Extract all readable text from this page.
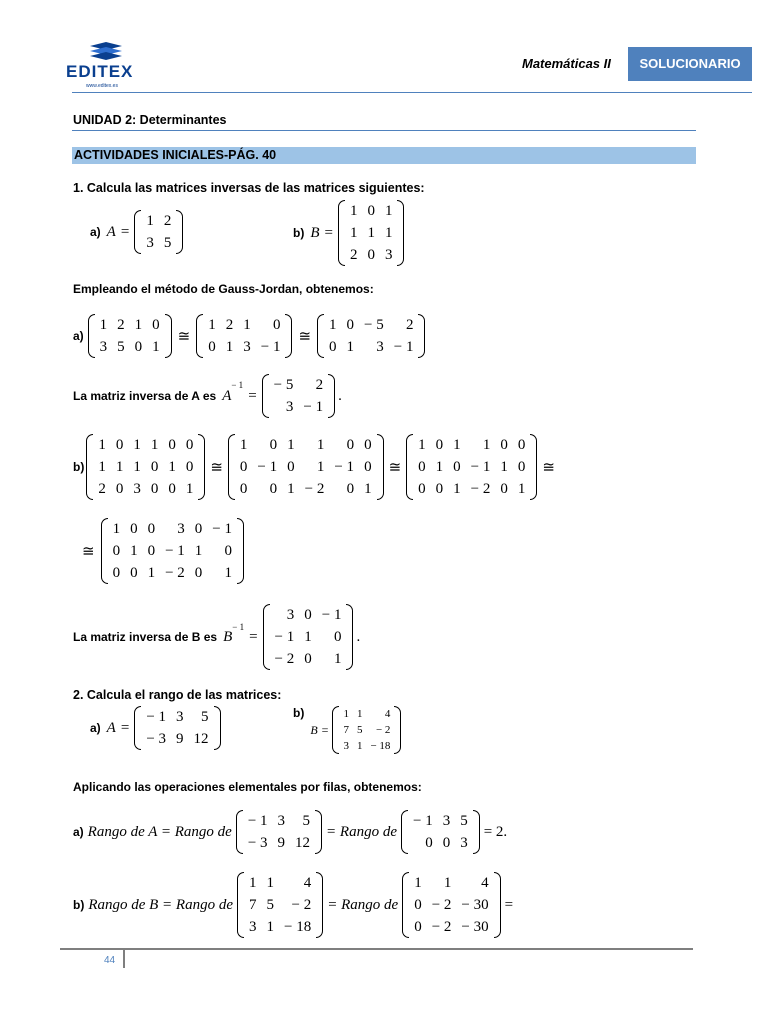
EDITEX
www.editex.es
Matemáticas II	SOLUCIONARIO
UNIDAD 2: Determinantes
ACTIVIDADES INICIALES-PÁG. 40
1. Calcula las matrices inversas de las matrices siguientes:
a) A =
1	2
3	5
b) B =
1	0	1
1	1	1
2	0	3
Empleando el método de Gauss-Jordan, obtenemos:
a)
1	2	1	0
3	5	0	1
≅
1	2	1	0
0	1	3	− 1
≅
1	0	− 5	2
0	1	3	− 1
La matriz inversa de A es A
$^{- 1}$
=
− 5	2
3	− 1
.
b)
1	0	1	1	0	0
1	1	1	0	1	0
2	0	3	0	0	1
≅
1	0	1	1	0	0
0	− 1	0	1	− 1	0
0	0	1	− 2	0	1
≅
1	0	1	1	0	0
0	1	0	− 1	1	0
0	0	1	− 2	0	1
≅
≅
1	0	0	3	0	− 1
0	1	0	− 1	1	0
0	0	1	− 2	0	1
La matriz inversa de B es B
$^{- 1}$
=
3	0	− 1
− 1	1	0
− 2	0	1
.
2. Calcula el rango de las matrices:
a) A =
− 1	3	5
− 3	9	12
b)
B =
1	1	4
7	5	− 2
3	1	− 18
Aplicando las operaciones elementales por filas, obtenemos:
a) Rango de A = Rango de
− 1	3	5
− 3	9	12
= Rango de
− 1	3	5
0	0	3
= 2.
b) Rango de B = Rango de
1	1	4
7	5	− 2
3	1	− 18
= Rango de
1	1	4
0	− 2	− 30
0	− 2	− 30
=
44
